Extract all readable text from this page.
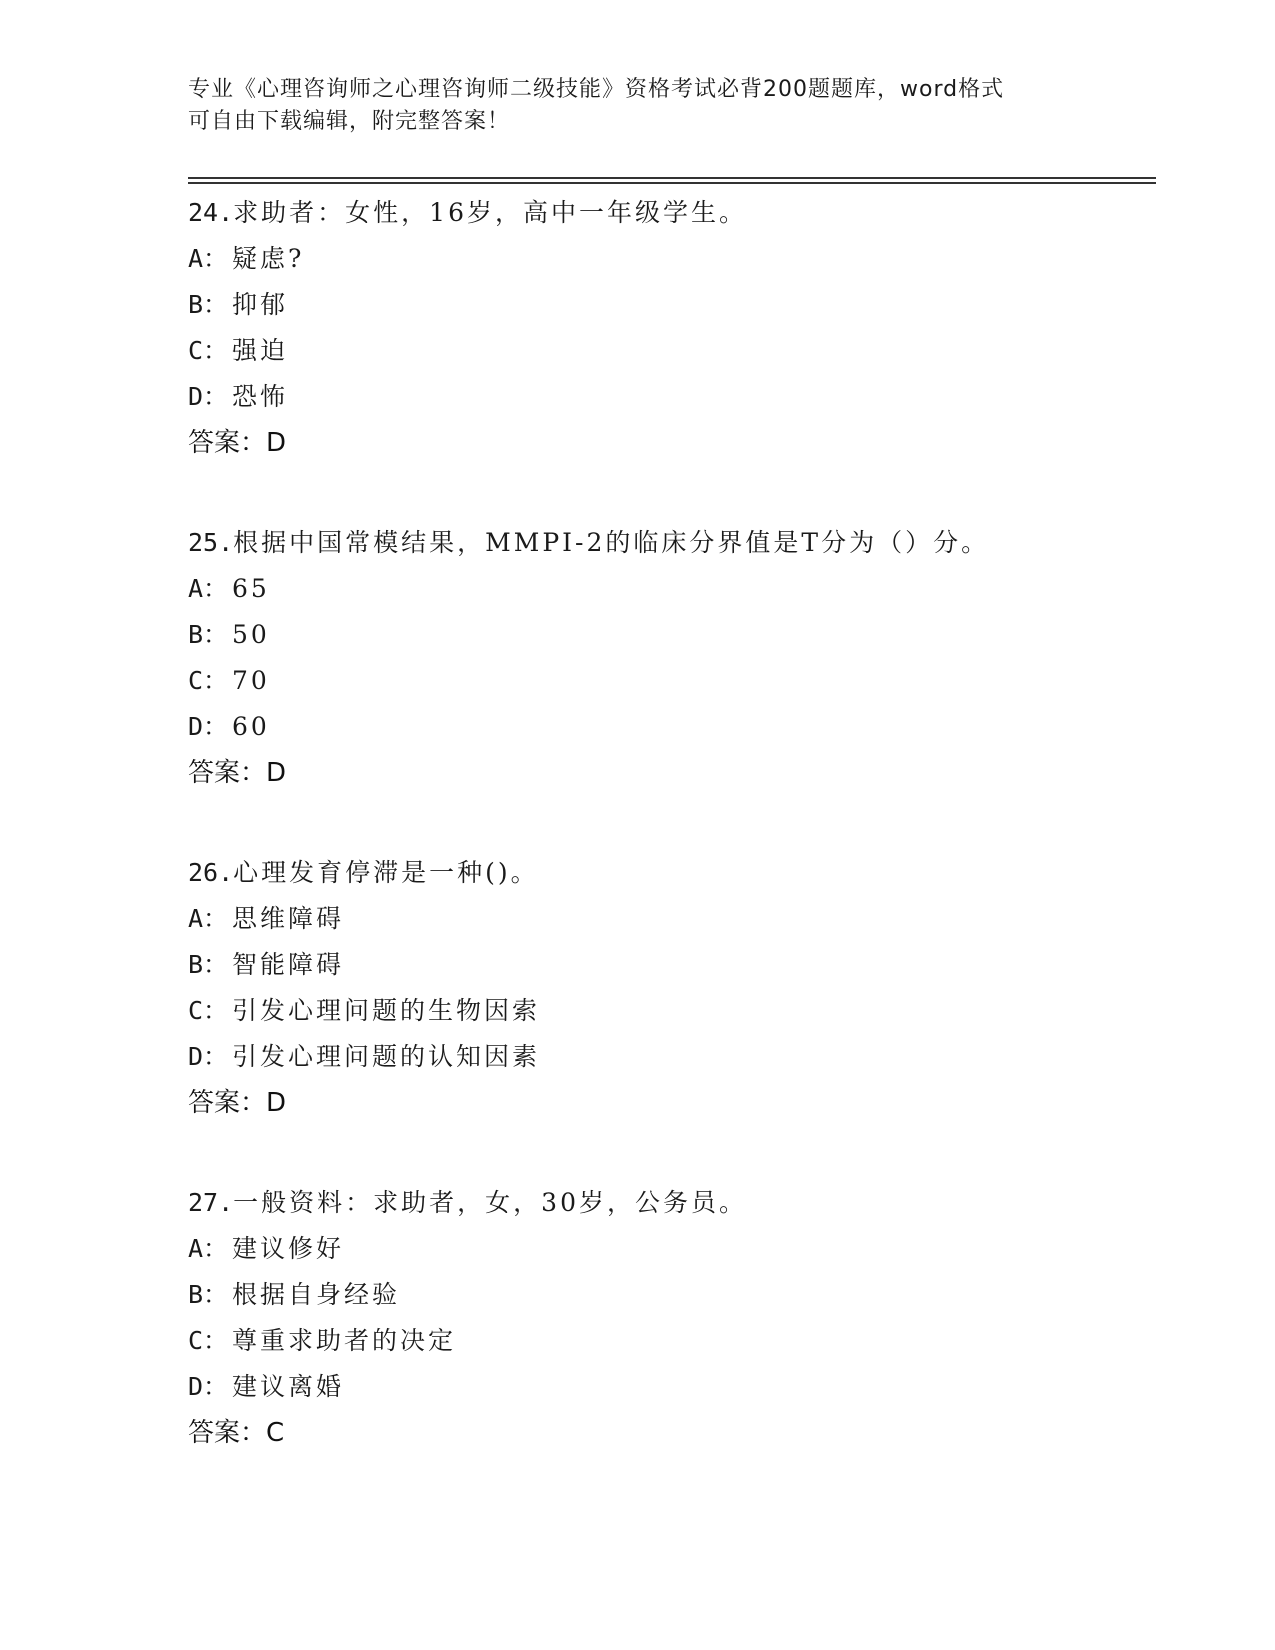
专业《心理咨询师之心理咨询师二级技能》资格考试必背200题题库，word格式
可自由下载编辑，附完整答案！
24.求助者：女性，16岁，高中一年级学生。
A： 疑虑?
B： 抑郁
C： 强迫
D： 恐怖
答案：D
25.根据中国常模结果，MMPI-2的临床分界值是T分为（）分。
A： 65
B： 50
C： 70
D： 60
答案：D
26.心理发育停滞是一种()。
A： 思维障碍
B： 智能障碍
C： 引发心理问题的生物因索
D： 引发心理问题的认知因素
答案：D
27.一般资料：求助者，女，30岁，公务员。
A： 建议修好
B： 根据自身经验
C： 尊重求助者的决定
D： 建议离婚
答案：C
